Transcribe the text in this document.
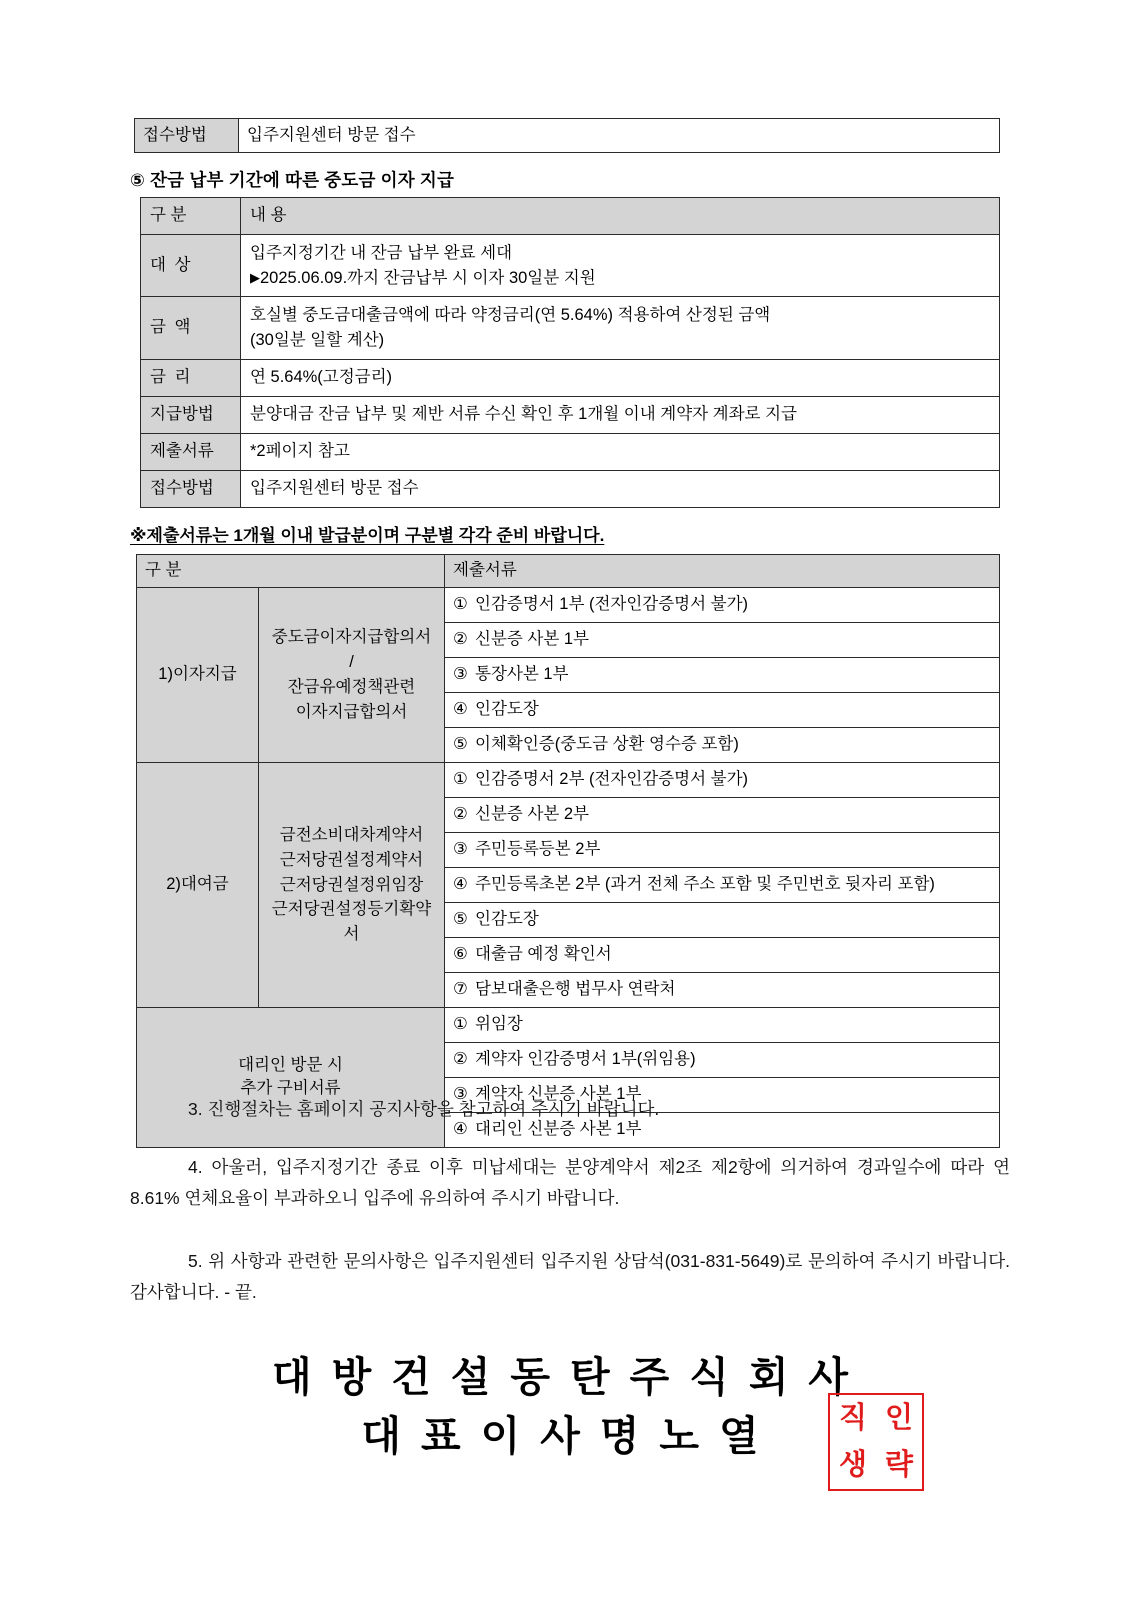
접수방법	입주지원센터 방문 접수
⑤ 잔금 납부 기간에 따른 중도금 이자 지급
구 분	내 용
대 상	입주지정기간 내 잔금 납부 완료 세대
▶2025.06.09.까지 잔금납부 시 이자 30일분 지원

금 액	호실별 중도금대출금액에 따라 약정금리(연 5.64%) 적용하여 산정된 금액
(30일분 일할 계산)

금 리	연 5.64%(고정금리)
지급방법	분양대금 잔금 납부 및 제반 서류 수신 확인 후 1개월 이내 계약자 계좌로 지급
제출서류	*2페이지 참고
접수방법	입주지원센터 방문 접수
※제출서류는 1개월 이내 발급분이며 구분별 각각 준비 바랍니다.
구 분		제출서류
1)이자지급	중도금이자지급합의서
/
잔금유예정책관련
이자지급합의서	① 인감증명서 1부 (전자인감증명서 불가)
		② 신분증 사본 1부
		③ 통장사본 1부
		④ 인감도장
		⑤ 이체확인증(중도금 상환 영수증 포함)
2)대여금	금전소비대차계약서
근저당권설정계약서
근저당권설정위임장
근저당권설정등기확약서	① 인감증명서 2부 (전자인감증명서 불가)
		② 신분증 사본 2부
		③ 주민등록등본 2부
		④ 주민등록초본 2부 (과거 전체 주소 포함 및 주민번호 뒷자리 포함)
		⑤ 인감도장
		⑥ 대출금 예정 확인서
		⑦ 담보대출은행 법무사 연락처

대리인 방문 시
추가 구비서류		① 위임장
		② 계약자 인감증명서 1부(위임용)
		③ 계약자 신분증 사본 1부
		④ 대리인 신분증 사본 1부
3. 진행절차는 홈페이지 공지사항을 참고하여 주시기 바랍니다.
4. 아울러, 입주지정기간 종료 이후 미납세대는 분양계약서 제2조 제2항에 의거하여 경과일수에 따라 연 8.61% 연체요율이 부과하오니 입주에 유의하여 주시기 바랍니다.
5. 위 사항과 관련한 문의사항은 입주지원센터 입주지원 상담석(031-831-5649)로 문의하여 주시기 바랍니다. 감사합니다. - 끝.
대방건설동탄주식회사
대표이사명노열	직 인
생 략
